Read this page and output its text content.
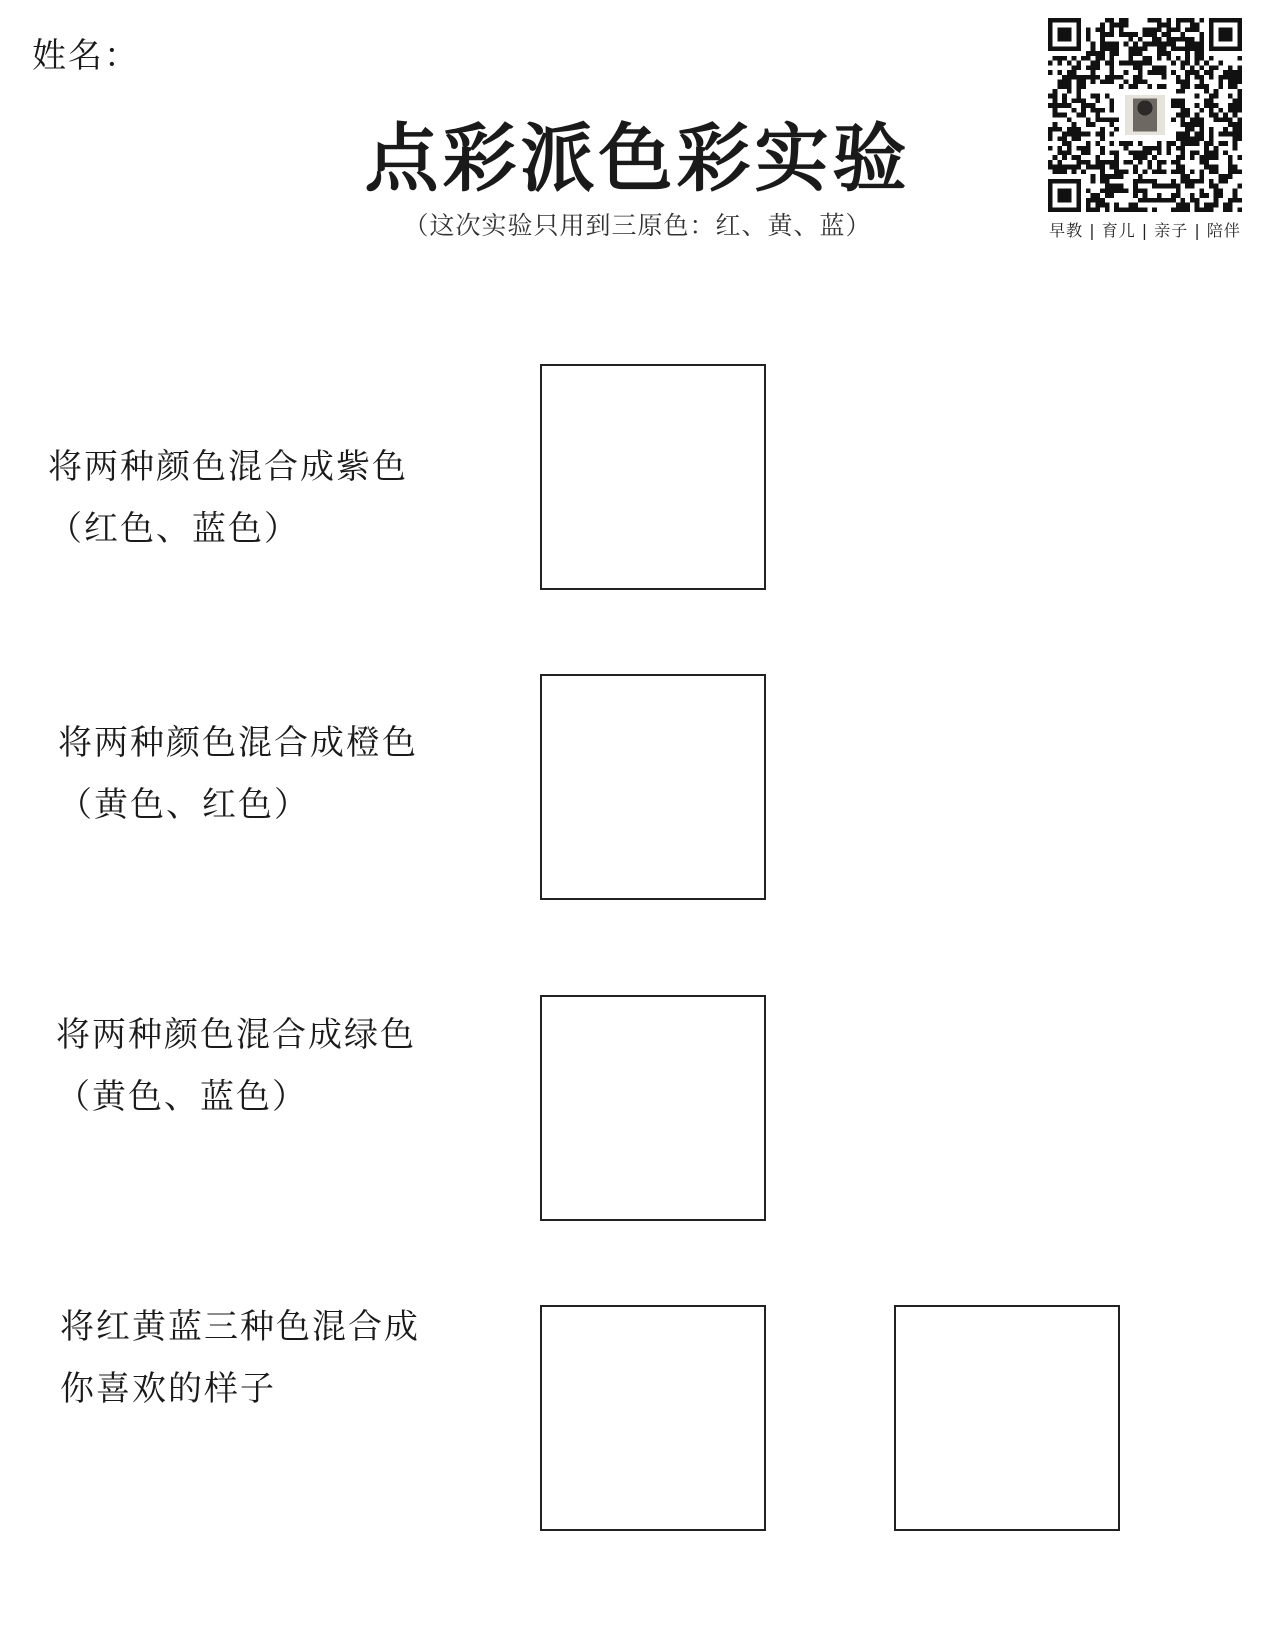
姓名：
点彩派色彩实验
（这次实验只用到三原色：红、黄、蓝）	早教 | 育儿 | 亲子 | 陪伴
将两种颜色混合成紫色
（红色、蓝色）
将两种颜色混合成橙色
（黄色、红色）
将两种颜色混合成绿色
（黄色、蓝色）
将红黄蓝三种色混合成
你喜欢的样子
